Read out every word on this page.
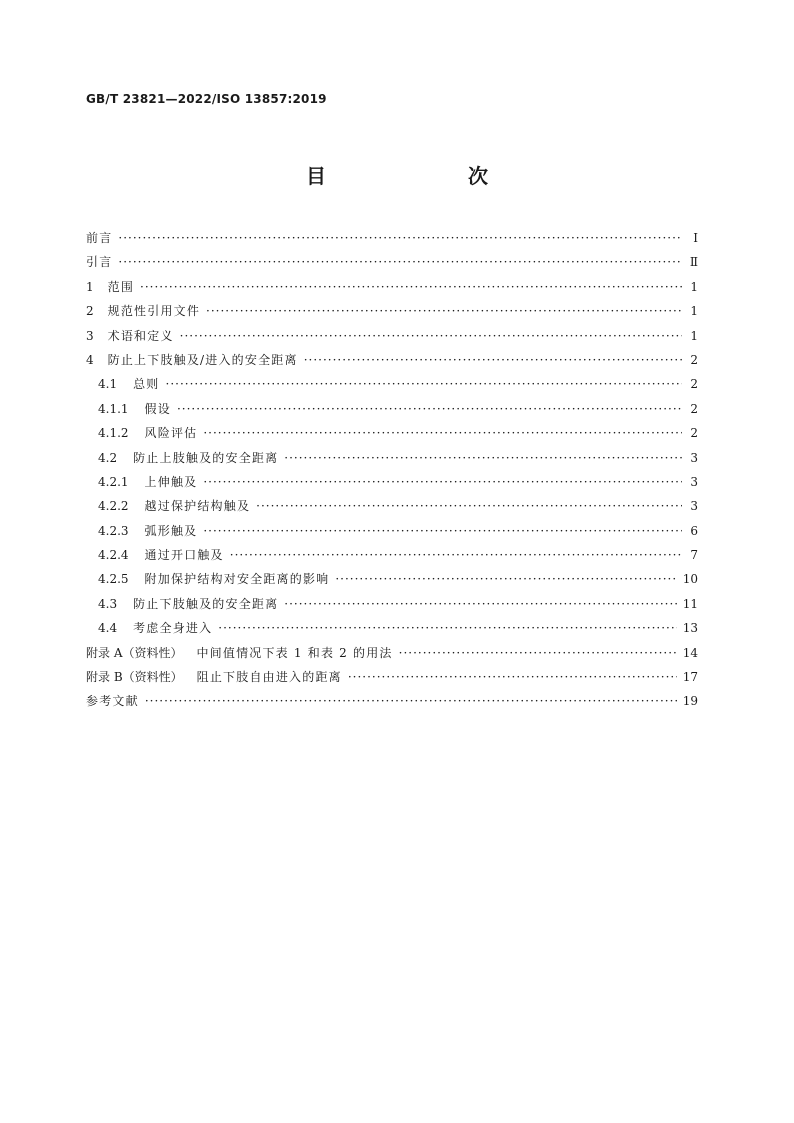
GB/T 23821—2022/ISO 13857:2019
目　　次
前言 ·····	Ⅰ
引言 ·····	Ⅱ
1 范围 ·····	1
2 规范性引用文件 ·····	1
3 术语和定义 ·····	1
4 防止上下肢触及/进入的安全距离 ·····	2
4.1 总则 ·····	2
4.1.1 假设 ·····	2
4.1.2 风险评估 ·····	2
4.2 防止上肢触及的安全距离 ·····	3
4.2.1 上伸触及 ·····	3
4.2.2 越过保护结构触及 ·····	3
4.2.3 弧形触及 ·····	6
4.2.4 通过开口触及 ·····	7
4.2.5 附加保护结构对安全距离的影响 ·····	10
4.3 防止下肢触及的安全距离 ·····	11
4.4 考虑全身进入 ·····	13
附录 A（资料性） 中间值情况下表 1 和表 2 的用法 ·····	14
附录 B（资料性） 阻止下肢自由进入的距离 ·····	17
参考文献 ·····	19
